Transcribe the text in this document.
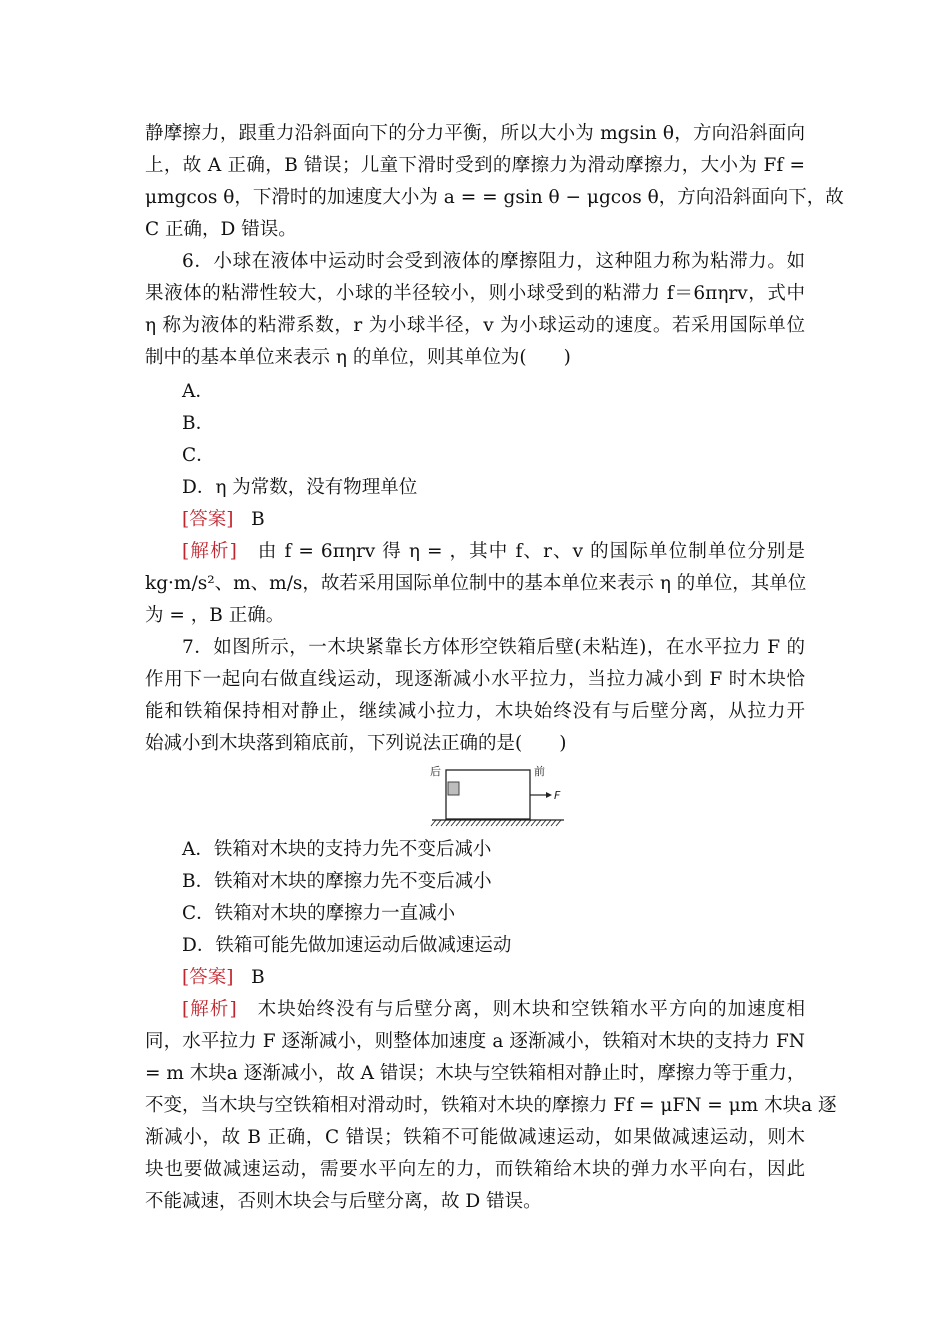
静摩擦力，跟重力沿斜面向下的分力平衡，所以大小为 mgsin θ，方向沿斜面向
上，故 A 正确，B 错误；儿童下滑时受到的摩擦力为滑动摩擦力，大小为 Ff =
μmgcos θ，下滑时的加速度大小为 a = = gsin θ − μgcos θ，方向沿斜面向下，故
C 正确，D 错误。
6．小球在液体中运动时会受到液体的摩擦阻力，这种阻力称为粘滞力。如
果液体的粘滞性较大，小球的半径较小，则小球受到的粘滞力 f＝6πηrv，式中
η 称为液体的粘滞系数，r 为小球半径，v 为小球运动的速度。若采用国际单位
制中的基本单位来表示 η 的单位，则其单位为(　　)
A．
B．
C．
D．η 为常数，没有物理单位
[答案] B
[解析] 由 f = 6πηrv 得 η = ，其中 f、r、v 的国际单位制单位分别是
kg·m/s²、m、m/s，故若采用国际单位制中的基本单位来表示 η 的单位，其单位
为 = ，B 正确。
7．如图所示，一木块紧靠长方体形空铁箱后壁(未粘连)，在水平拉力 F 的
作用下一起向右做直线运动，现逐渐减小水平拉力，当拉力减小到 F 时木块恰
能和铁箱保持相对静止，继续减小拉力，木块始终没有与后壁分离，从拉力开
始减小到木块落到箱底前，下列说法正确的是(　　)
后	前
F
A．铁箱对木块的支持力先不变后减小
B．铁箱对木块的摩擦力先不变后减小
C．铁箱对木块的摩擦力一直减小
D．铁箱可能先做加速运动后做减速运动
[答案] B
[解析] 木块始终没有与后壁分离，则木块和空铁箱水平方向的加速度相
同，水平拉力 F 逐渐减小，则整体加速度 a 逐渐减小，铁箱对木块的支持力 FN
= m 木块a 逐渐减小，故 A 错误；木块与空铁箱相对静止时，摩擦力等于重力，
不变，当木块与空铁箱相对滑动时，铁箱对木块的摩擦力 Ff = μFN = μm 木块a 逐
渐减小，故 B 正确，C 错误；铁箱不可能做减速运动，如果做减速运动，则木
块也要做减速运动，需要水平向左的力，而铁箱给木块的弹力水平向右，因此
不能减速，否则木块会与后壁分离，故 D 错误。
